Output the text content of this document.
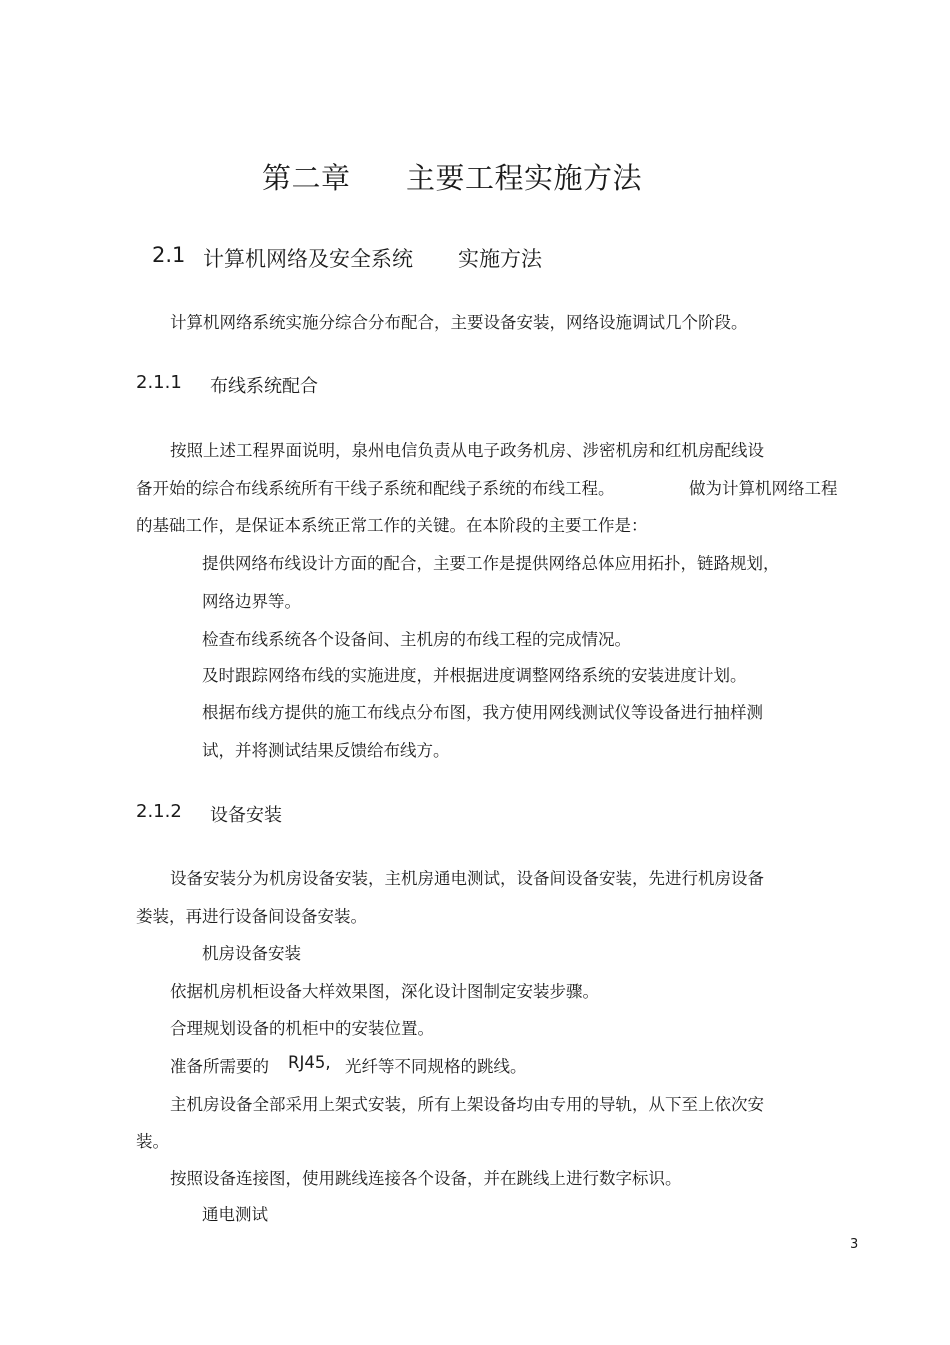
第二章 主要工程实施方法
2.1 计算机网络及安全系统 实施方法
计算机网络系统实施分综合分布配合，主要设备安装，网络设施调试几个阶段。
2.1.1 布线系统配合
按照上述工程界面说明，泉州电信负责从电子政务机房、涉密机房和红机房配线设
备开始的综合布线系统所有干线子系统和配线子系统的布线工程。	做为计算机网络工程
的基础工作，是保证本系统正常工作的关键。在本阶段的主要工作是：
提供网络布线设计方面的配合，主要工作是提供网络总体应用拓扑，链路规划，
网络边界等。
检查布线系统各个设备间、主机房的布线工程的完成情况。
及时跟踪网络布线的实施进度，并根据进度调整网络系统的安装进度计划。
根据布线方提供的施工布线点分布图，我方使用网线测试仪等设备进行抽样测
试，并将测试结果反馈给布线方。
2.1.2 设备安装
设备安装分为机房设备安装，主机房通电测试，设备间设备安装，先进行机房设备
娄装，再进行设备间设备安装。
机房设备安装
依据机房机柜设备大样效果图，深化设计图制定安装步骤。
合理规划设备的机柜中的安装位置。
准备所需要的 RJ45, 光纤等不同规格的跳线。
主机房设备全部采用上架式安装，所有上架设备均由专用的导轨，从下至上依次安
装。
按照设备连接图，使用跳线连接各个设备，并在跳线上进行数字标识。
通电测试
3
